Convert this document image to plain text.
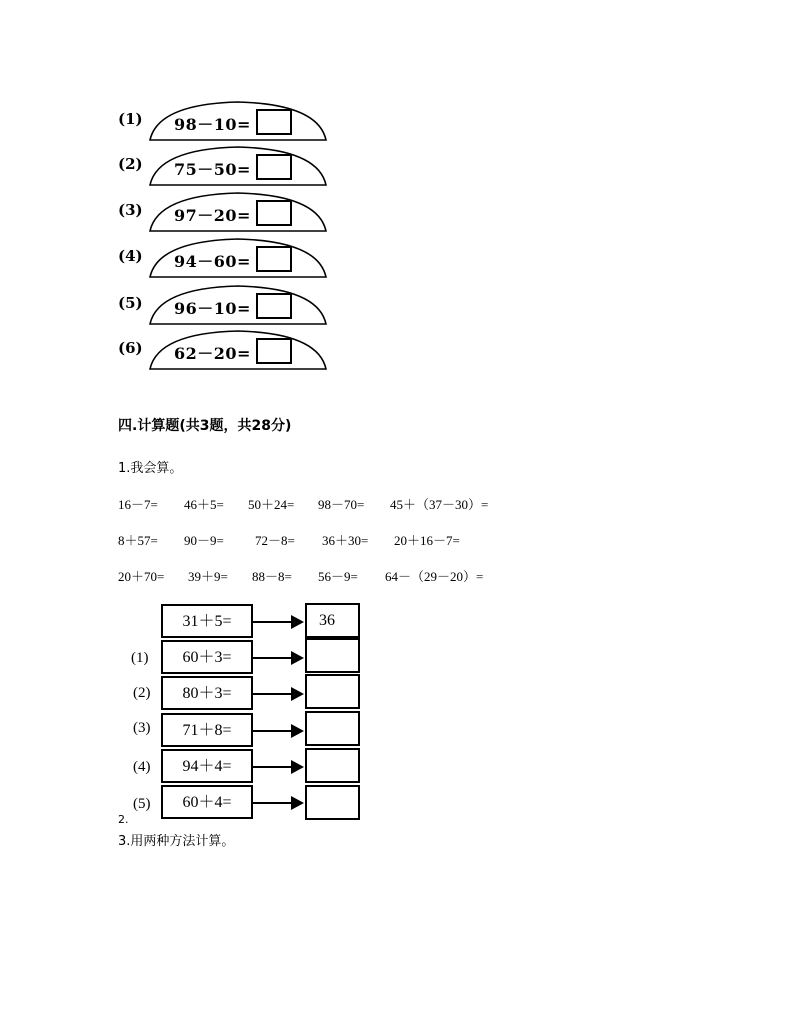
(1) 98－10=
(2) 75－50=
(3) 97－20=
(4) 94－60=
(5) 96－10=
(6) 62－20=
四.计算题(共3题，共28分)
1.我会算。
16－7= 46＋5= 50＋24= 98－70= 45＋（37－30）=
8＋57= 90－9= 72－8= 36＋30= 20＋16－7=
20＋70= 39＋9= 88－8= 56－9= 64－（29－20）=
31＋5=	36
(1)	60＋3=
(2)	80＋3=
(3)	71＋8=
(4)	94＋4=
(5)	60＋4=
2.
3.用两种方法计算。
